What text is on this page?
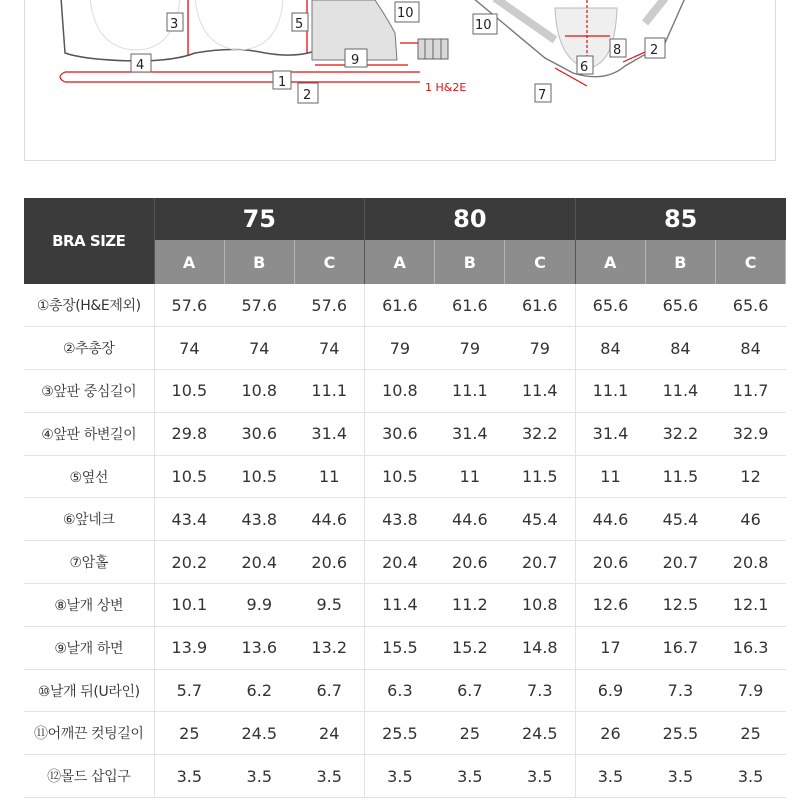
3	5
10
4	9
1
2
1 H&2E
10
6
8 2
7
BRA SIZE	75			80			85		
	A	B	C	A	B	C	A	B	C
①총장(H&E제외)	57.6	57.6	57.6	61.6	61.6	61.6	65.6	65.6	65.6
②추총장	74	74	74	79	79	79	84	84	84
③앞판 중심길이	10.5	10.8	11.1	10.8	11.1	11.4	11.1	11.4	11.7
④앞판 하변길이	29.8	30.6	31.4	30.6	31.4	32.2	31.4	32.2	32.9
⑤옆선	10.5	10.5	11	10.5	11	11.5	11	11.5	12
⑥앞네크	43.4	43.8	44.6	43.8	44.6	45.4	44.6	45.4	46
⑦암홀	20.2	20.4	20.6	20.4	20.6	20.7	20.6	20.7	20.8
⑧날개 상변	10.1	9.9	9.5	11.4	11.2	10.8	12.6	12.5	12.1
⑨날개 하면	13.9	13.6	13.2	15.5	15.2	14.8	17	16.7	16.3
⑩날개 뒤(U라인)	5.7	6.2	6.7	6.3	6.7	7.3	6.9	7.3	7.9
⑪어깨끈 컷팅길이	25	24.5	24	25.5	25	24.5	26	25.5	25
⑫몰드 삽입구	3.5	3.5	3.5	3.5	3.5	3.5	3.5	3.5	3.5
